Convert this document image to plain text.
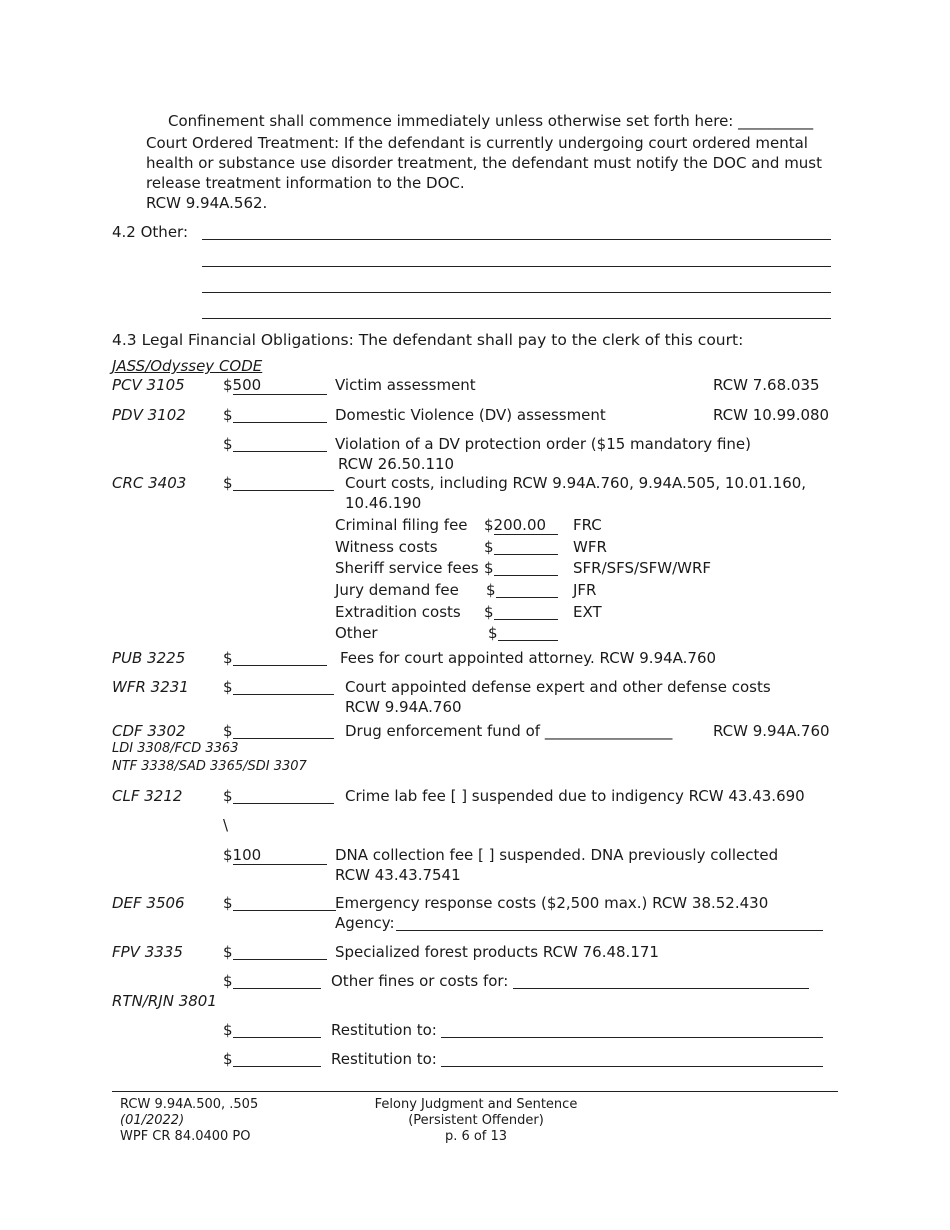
Confinement shall commence immediately unless otherwise set forth here: __________
Court Ordered Treatment: If the defendant is currently undergoing court ordered mental
health or substance use disorder treatment, the defendant must notify the DOC and must
release treatment information to the DOC.
RCW 9.94A.562.
4.2 Other:
4.3 Legal Financial Obligations: The defendant shall pay to the clerk of this court:
JASS/Odyssey CODE
PCV 3105	$500	Victim assessment	RCW 7.68.035
PDV 3102 $	Domestic Violence (DV) assessment	RCW 10.99.080
$	Violation of a DV protection order ($15 mandatory fine)
RCW 26.50.110
CRC 3403 $	Court costs, including RCW 9.94A.760, 9.94A.505, 10.01.160,
10.46.190
Criminal filing fee $200.00	FRC
Witness costs	$	WFR
Sheriff service fees $	SFR/SFS/SFW/WRF
Jury demand fee $	JFR
Extradition costs $	EXT
Other	$
PUB 3225	$	Fees for court appointed attorney. RCW 9.94A.760
WFR 3231 $	Court appointed defense expert and other defense costs
RCW 9.94A.760
CDF 3302 $	Drug enforcement fund of _________________	RCW 9.94A.760
LDI 3308/FCD 3363
NTF 3338/SAD 3365/SDI 3307
CLF 3212	$	Crime lab fee [ ] suspended due to indigency RCW 43.43.690
\
$100	DNA collection fee [ ] suspended. DNA previously collected
RCW 43.43.7541
DEF 3506	$	Emergency response costs ($2,500 max.) RCW 38.52.430
Agency:
FPV 3335	$	Specialized forest products RCW 76.48.171
$	Other fines or costs for:
RTN/RJN 3801
$	Restitution to:
$	Restitution to:
RCW 9.94A.500, .505
(01/2022)
WPF CR 84.0400 PO
Felony Judgment and Sentence
(Persistent Offender)
p. 6 of 13
